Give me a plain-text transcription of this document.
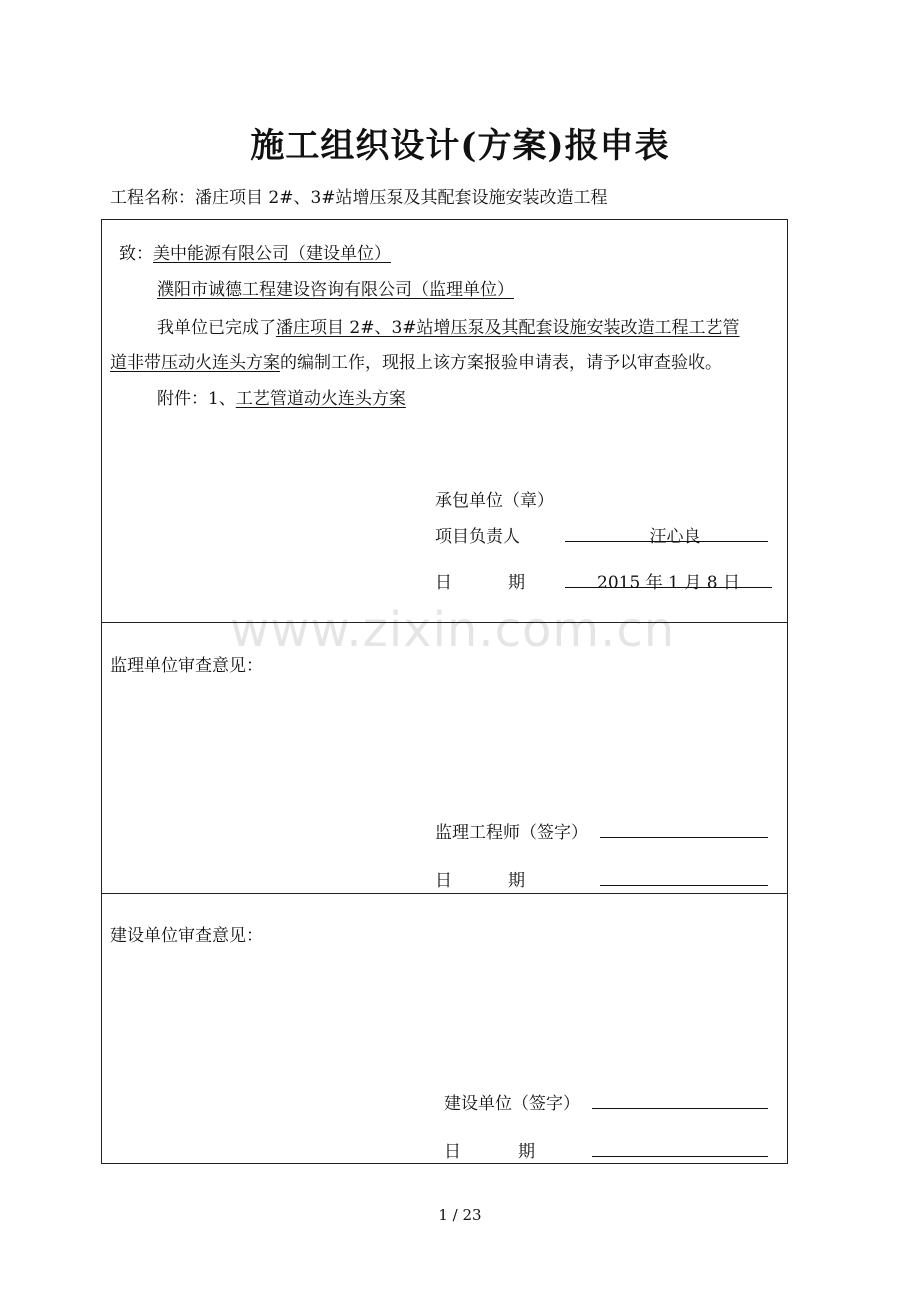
施工组织设计(方案)报申表
工程名称：潘庄项目 2#、3#站增压泵及其配套设施安装改造工程
致：美中能源有限公司（建设单位）
濮阳市诚德工程建设咨询有限公司（监理单位）
我单位已完成了潘庄项目 2#、3#站增压泵及其配套设施安装改造工程工艺管
道非带压动火连头方案的编制工作，现报上该方案报验申请表，请予以审查验收。
附件：1、工艺管道动火连头方案
承包单位（章）
项目负责人	汪心良
日	期	2015 年 1 月 8 日
www.zixin.com.cn
监理单位审查意见：
监理工程师（签字）
日	期
建设单位审查意见：
建设单位（签字）
日	期
1 / 23
